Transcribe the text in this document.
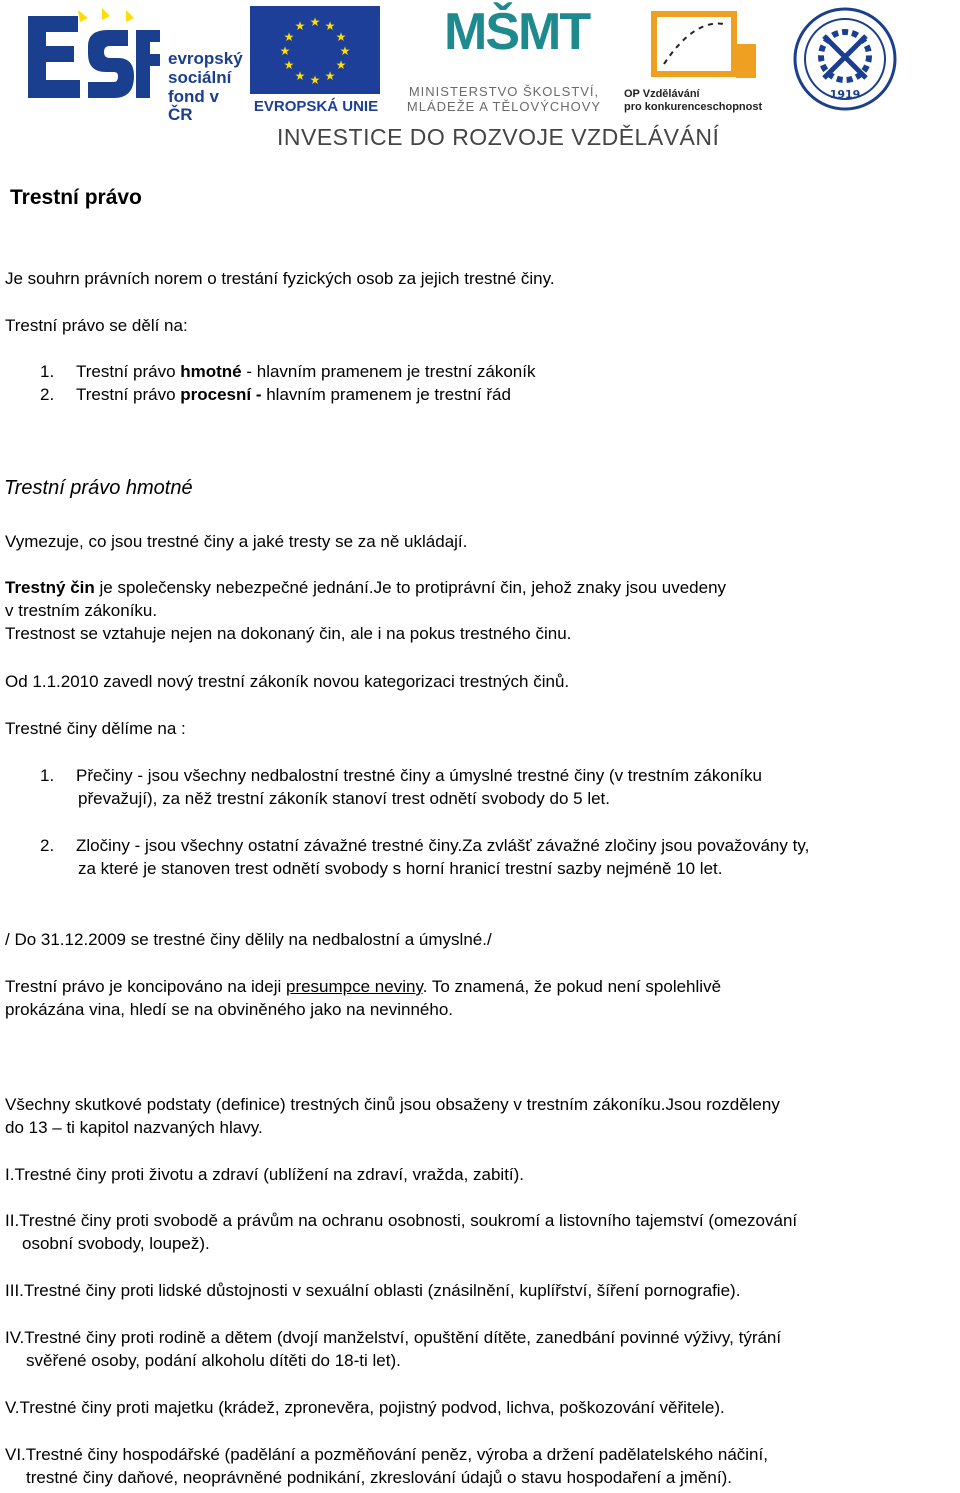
evropský
sociální
fond v ČR
★ ★
★
★
★
★
★
★
★
★
★
★
EVROPSKÁ UNIE
MŠMT
MINISTERSTVO ŠKOLSTVÍ,
MLÁDEŽE A TĚLOVÝCHOVY
OP Vzdělávání
pro konkurenceschopnost
1919
INVESTICE DO ROZVOJE VZDĚLÁVÁNÍ
Trestní právo
Je souhrn právních norem o trestání fyzických osob za jejich trestné činy.
Trestní právo se dělí na:
1. Trestní právo hmotné - hlavním pramenem je trestní zákoník
2. Trestní právo procesní - hlavním pramenem je trestní řád
Trestní právo hmotné
Vymezuje, co jsou trestné činy a jaké tresty se za ně ukládají.
Trestný čin je společensky nebezpečné jednání.Je to protiprávní čin, jehož znaky jsou uvedeny
v trestním zákoníku.
Trestnost se vztahuje nejen na dokonaný čin, ale i na pokus trestného činu.
Od 1.1.2010 zavedl nový trestní zákoník novou kategorizaci trestných činů.
Trestné činy dělíme na :
1. Přečiny - jsou všechny nedbalostní trestné činy a úmyslné trestné činy (v trestním zákoníku
převažují), za něž trestní zákoník stanoví trest odnětí svobody do 5 let.
2. Zločiny - jsou všechny ostatní závažné trestné činy.Za zvlášť závažné zločiny jsou považovány ty,
za které je stanoven trest odnětí svobody s horní hranicí trestní sazby nejméně 10 let.
/ Do 31.12.2009 se trestné činy dělily na nedbalostní a úmyslné./
Trestní právo je koncipováno na ideji presumpce neviny. To znamená, že pokud není spolehlivě
prokázána vina, hledí se na obviněného jako na nevinného.
Všechny skutkové podstaty (definice) trestných činů jsou obsaženy v trestním zákoníku.Jsou rozděleny
do 13 – ti kapitol nazvaných hlavy.
I.Trestné činy proti životu a zdraví (ublížení na zdraví, vražda, zabití).
II.Trestné činy proti svobodě a právům na ochranu osobnosti, soukromí a listovního tajemství (omezování
osobní svobody, loupež).
III.Trestné činy proti lidské důstojnosti v sexuální oblasti (znásilnění, kuplířství, šíření pornografie).
IV.Trestné činy proti rodině a dětem (dvojí manželství, opuštění dítěte, zanedbání povinné výživy, týrání
svěřené osoby, podání alkoholu dítěti do 18-ti let).
V.Trestné činy proti majetku (krádež, zpronevěra, pojistný podvod, lichva, poškozování věřitele).
VI.Trestné činy hospodářské (padělání a pozměňování peněz, výroba a držení padělatelského náčiní,
trestné činy daňové, neoprávněné podnikání, zkreslování údajů o stavu hospodaření a jmění).
